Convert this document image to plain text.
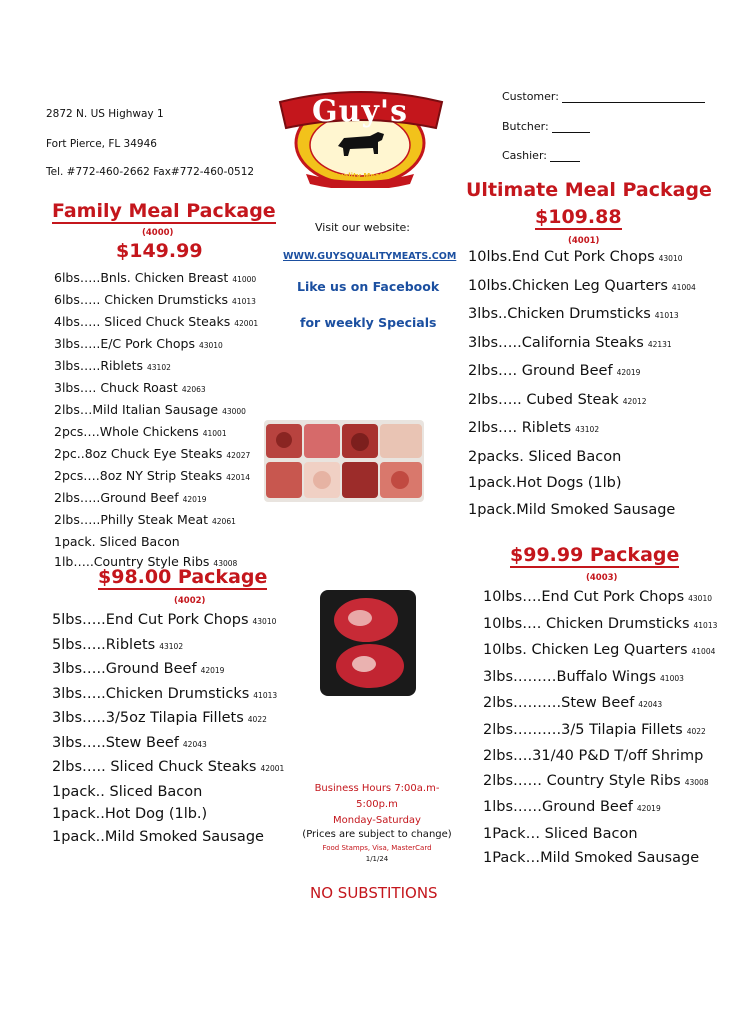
2872 N. US Highway 1
Fort Pierce, FL 34946
Tel. #772-460-2662 Fax#772-460-0512
Guy's
Quality Meats
Customer:
Butcher:
Cashier:
Family Meal Package
(4000)
$149.99
6lbs…..Bnls. Chicken Breast 41000
6lbs….. Chicken Drumsticks 41013
4lbs….. Sliced Chuck Steaks 42001
3lbs…..E/C Pork Chops 43010
3lbs…..Riblets 43102
3lbs…. Chuck Roast 42063
2lbs…Mild Italian Sausage 43000
2pcs….Whole Chickens 41001
2pc..8oz Chuck Eye Steaks 42027
2pcs….8oz NY Strip Steaks 42014
2lbs…..Ground Beef 42019
2lbs…..Philly Steak Meat 42061
1pack. Sliced Bacon
1lb…..Country Style Ribs 43008
$98.00 Package
(4002)
5lbs…..End Cut Pork Chops 43010
5lbs…..Riblets 43102
3lbs…..Ground Beef 42019
3lbs…..Chicken Drumsticks 41013
3lbs…..3/5oz Tilapia Fillets 4022
3lbs…..Stew Beef 42043
2lbs….. Sliced Chuck Steaks 42001
1pack.. Sliced Bacon
1pack..Hot Dog (1lb.)
1pack..Mild Smoked Sausage
Visit our website:
WWW.GUYSQUALITYMEATS.COM
Like us on Facebook
for weekly Specials
Business Hours 7:00a.m-
5:00p.m
Monday-Saturday
(Prices are subject to change)
Food Stamps, Visa, MasterCard
1/1/24
NO SUBSTITIONS
Ultimate Meal Package
$109.88
(4001)
10lbs.End Cut Pork Chops 43010
10lbs.Chicken Leg Quarters 41004
3lbs..Chicken Drumsticks 41013
3lbs…..California Steaks 42131
2lbs…. Ground Beef 42019
2lbs….. Cubed Steak 42012
2lbs…. Riblets 43102
2packs. Sliced Bacon
1pack.Hot Dogs (1lb)
1pack.Mild Smoked Sausage
$99.99 Package
(4003)
10lbs….End Cut Pork Chops 43010
10lbs…. Chicken Drumsticks 41013
10lbs. Chicken Leg Quarters 41004
3lbs………Buffalo Wings 41003
2lbs……….Stew Beef 42043
2lbs……….3/5 Tilapia Fillets 4022
2lbs….31/40 P&D T/off Shrimp
2lbs…… Country Style Ribs 43008
1lbs……Ground Beef 42019
1Pack… Sliced Bacon
1Pack…Mild Smoked Sausage
